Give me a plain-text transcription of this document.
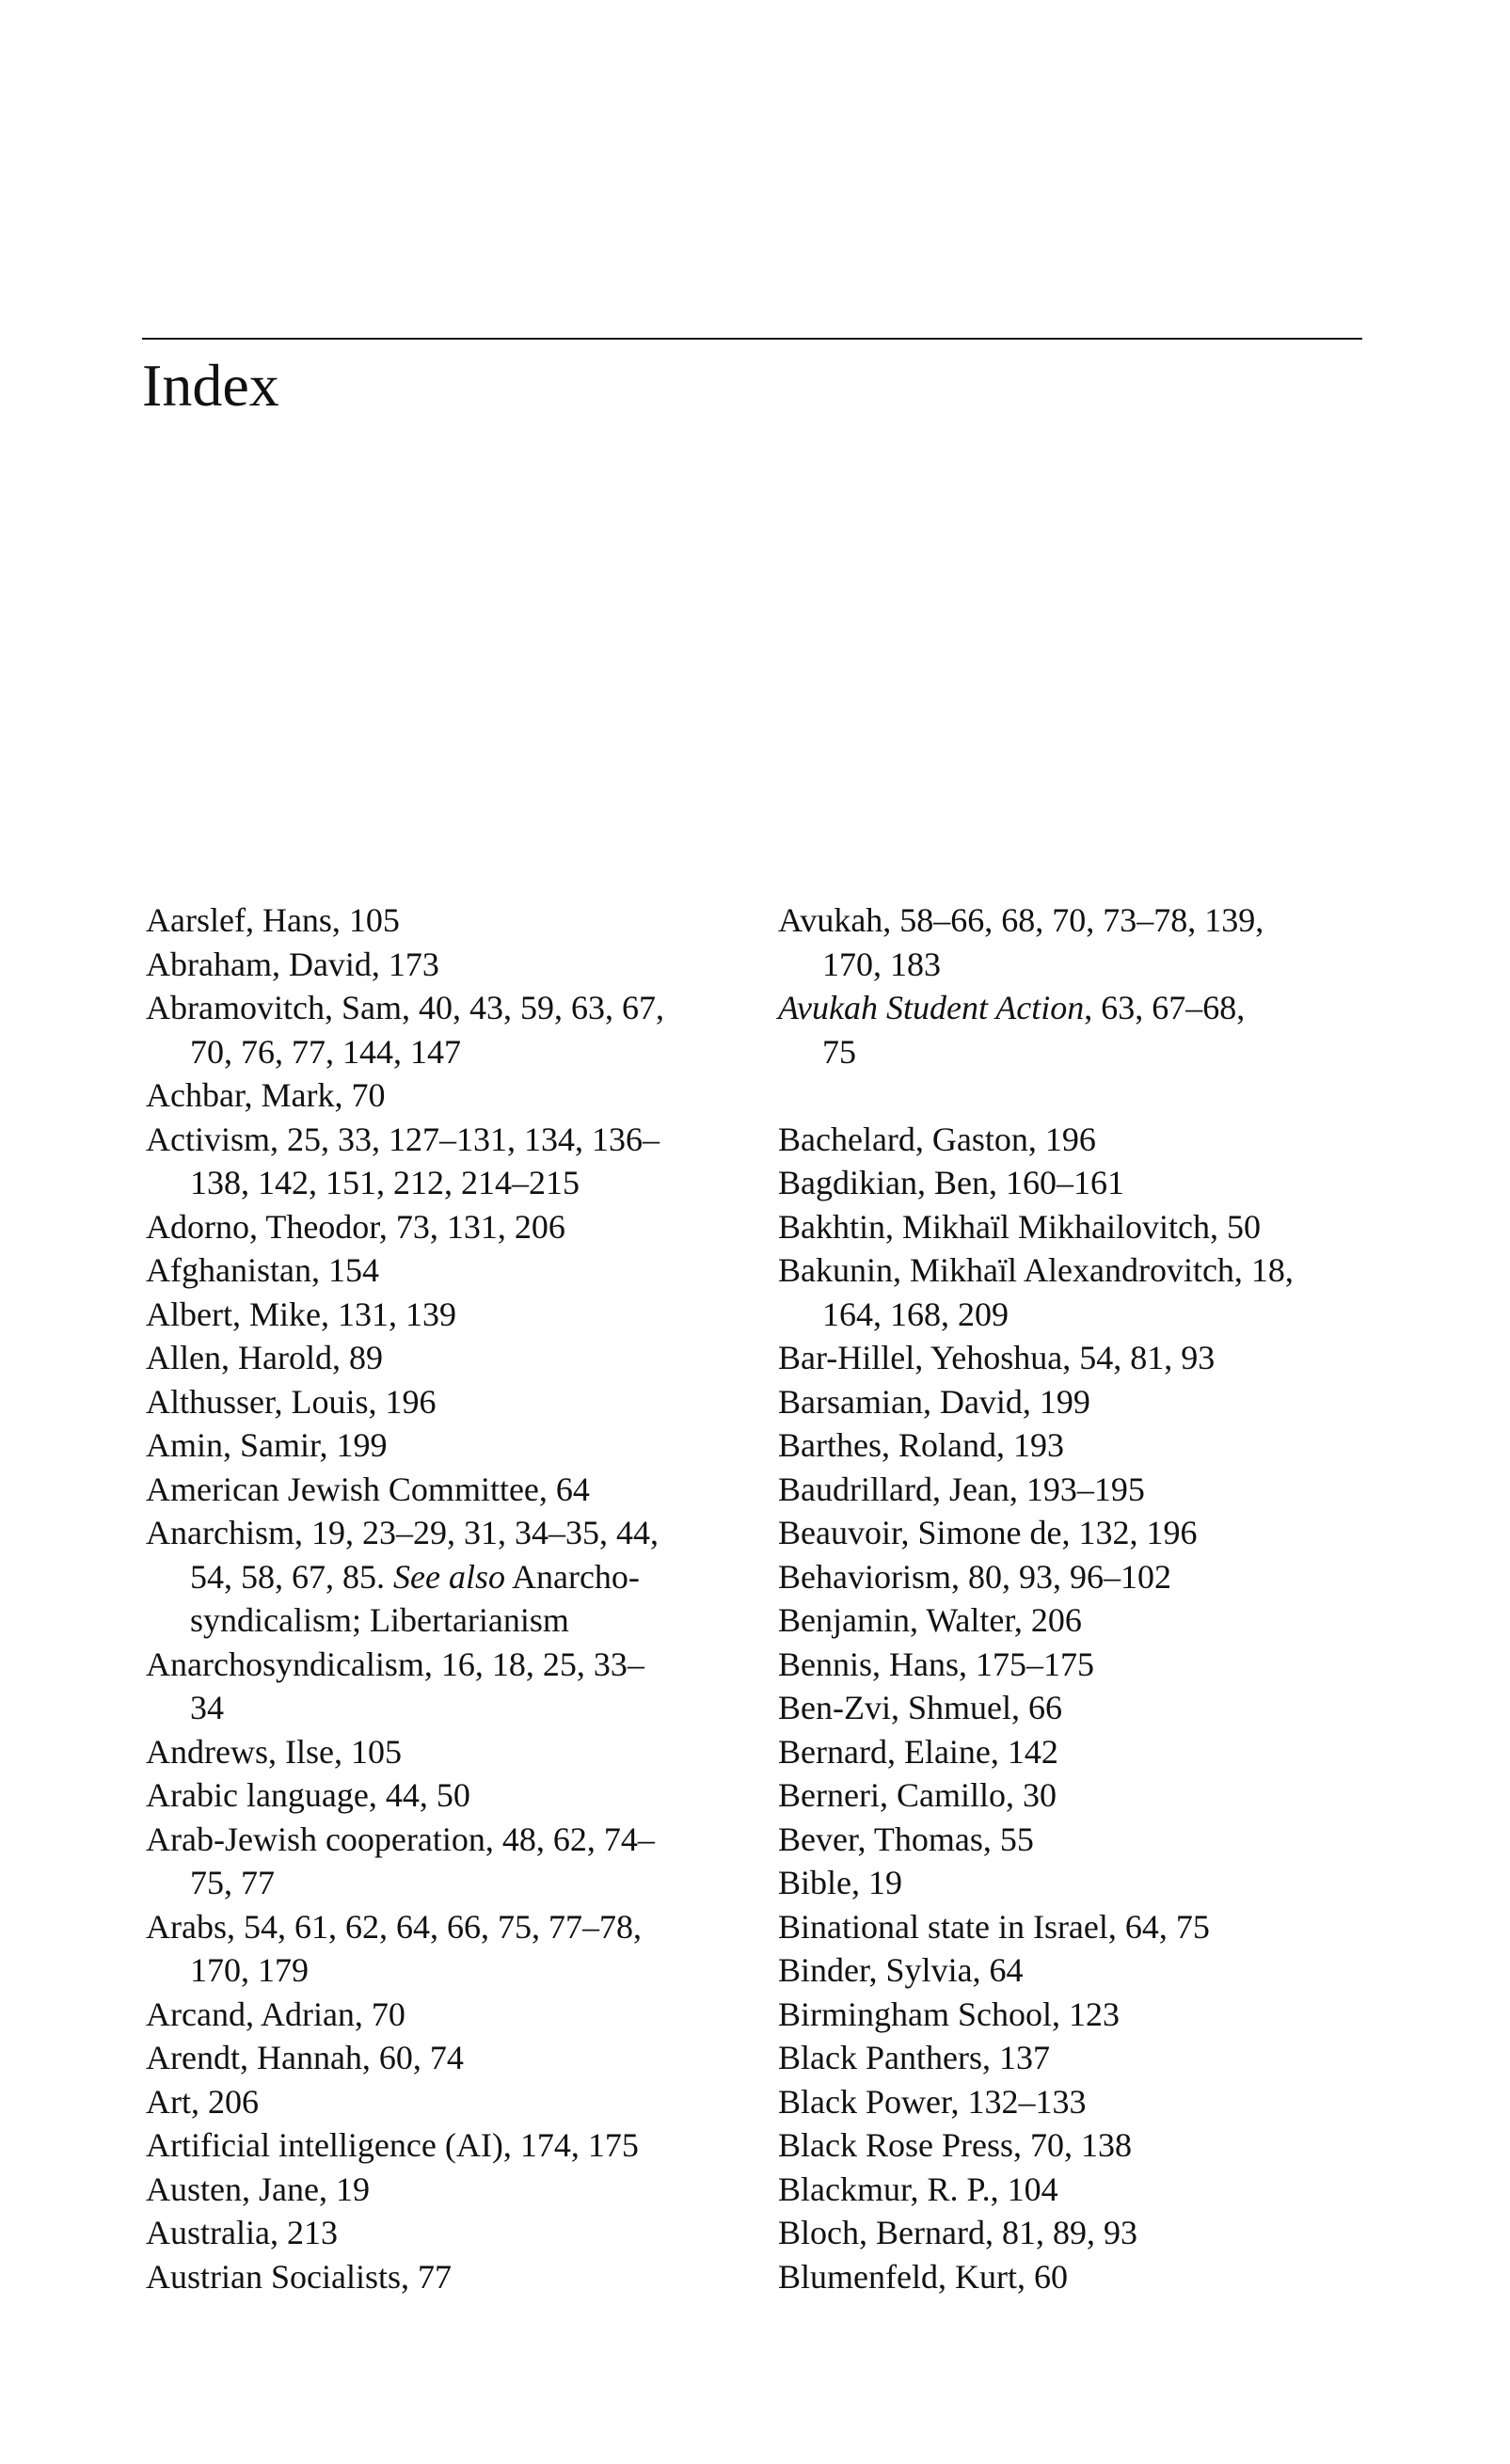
Index

Aarslef, Hans, 105

Abraham, David, 173

Abramovitch, Sam, 40, 43, 59, 63, 67,
70, 76, 77, 144, 147

Achbar, Mark, 70

Activism, 25, 33, 127–131, 134, 136–
138, 142, 151, 212, 214–215

Adorno, Theodor, 73, 131, 206

Afghanistan, 154

Albert, Mike, 131, 139

Allen, Harold, 89

Althusser, Louis, 196

Amin, Samir, 199

American Jewish Committee, 64

Anarchism, 19, 23–29, 31, 34–35, 44,
54, 58, 67, 85. See also Anarcho-
syndicalism; Libertarianism

Anarchosyndicalism, 16, 18, 25, 33–
34

Andrews, Ilse, 105

Arabic language, 44, 50

Arab-Jewish cooperation, 48, 62, 74–
75, 77

Arabs, 54, 61, 62, 64, 66, 75, 77–78,
170, 179

Arcand, Adrian, 70

Arendt, Hannah, 60, 74

Art, 206

Artificial intelligence (AI), 174, 175

Austen, Jane, 19

Australia, 213

Austrian Socialists, 77

Avukah, 58–66, 68, 70, 73–78, 139,
170, 183

Avukah Student Action, 63, 67–68,
75

Bachelard, Gaston, 196

Bagdikian, Ben, 160–161

Bakhtin, Mikhaïl Mikhailovitch, 50

Bakunin, Mikhaïl Alexandrovitch, 18,
164, 168, 209

Bar-Hillel, Yehoshua, 54, 81, 93

Barsamian, David, 199

Barthes, Roland, 193

Baudrillard, Jean, 193–195

Beauvoir, Simone de, 132, 196

Behaviorism, 80, 93, 96–102

Benjamin, Walter, 206

Bennis, Hans, 175–175

Ben-Zvi, Shmuel, 66

Bernard, Elaine, 142

Berneri, Camillo, 30

Bever, Thomas, 55

Bible, 19

Binational state in Israel, 64, 75

Binder, Sylvia, 64

Birmingham School, 123

Black Panthers, 137

Black Power, 132–133

Black Rose Press, 70, 138

Blackmur, R. P., 104

Bloch, Bernard, 81, 89, 93

Blumenfeld, Kurt, 60
